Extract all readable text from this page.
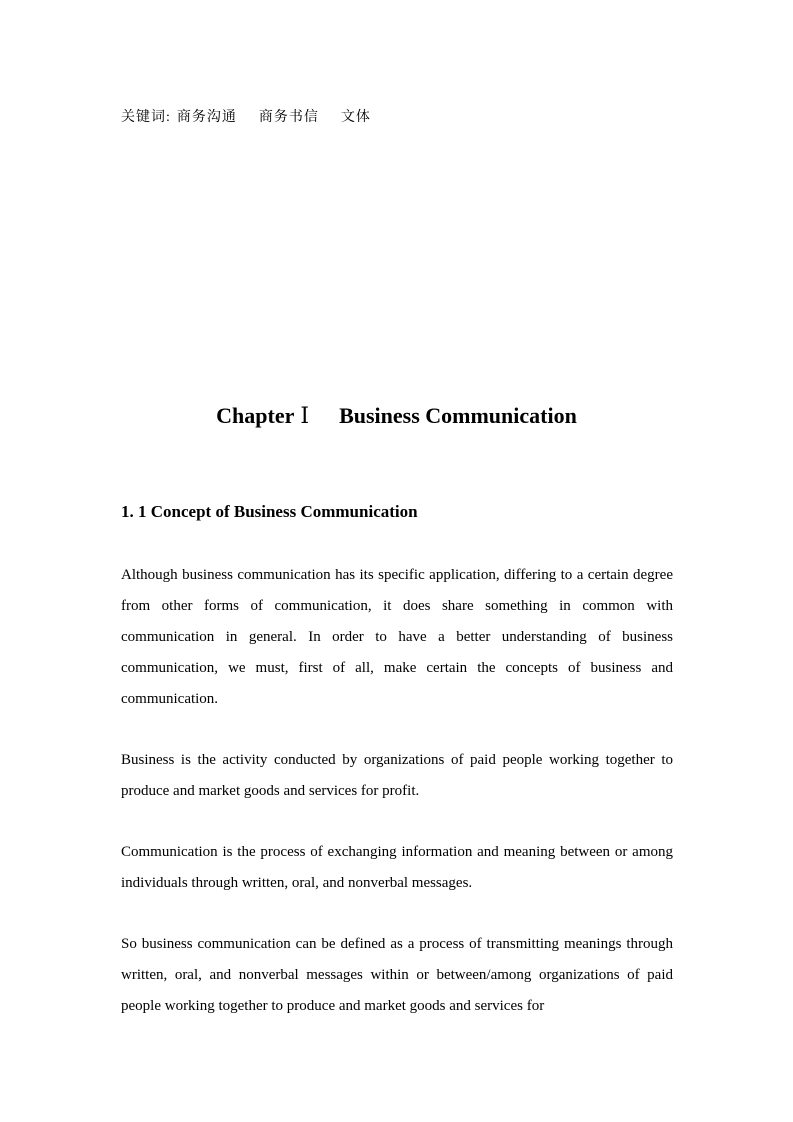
关键词: 商务沟通 商务书信 文体
Chapter Ⅰ Business Communication
1. 1 Concept of Business Communication

Although business communication has its specific application, differing to a certain degree from other forms of communication, it does share something in common with communication in general. In order to have a better understanding of business communication, we must, first of all, make certain the concepts of business and communication.

Business is the activity conducted by organizations of paid people working together to produce and market goods and services for profit.

Communication is the process of exchanging information and meaning between or among individuals through written, oral, and nonverbal messages.

So business communication can be defined as a process of transmitting meanings through written, oral, and nonverbal messages within or between/among organizations of paid people working together to produce and market goods and services for
